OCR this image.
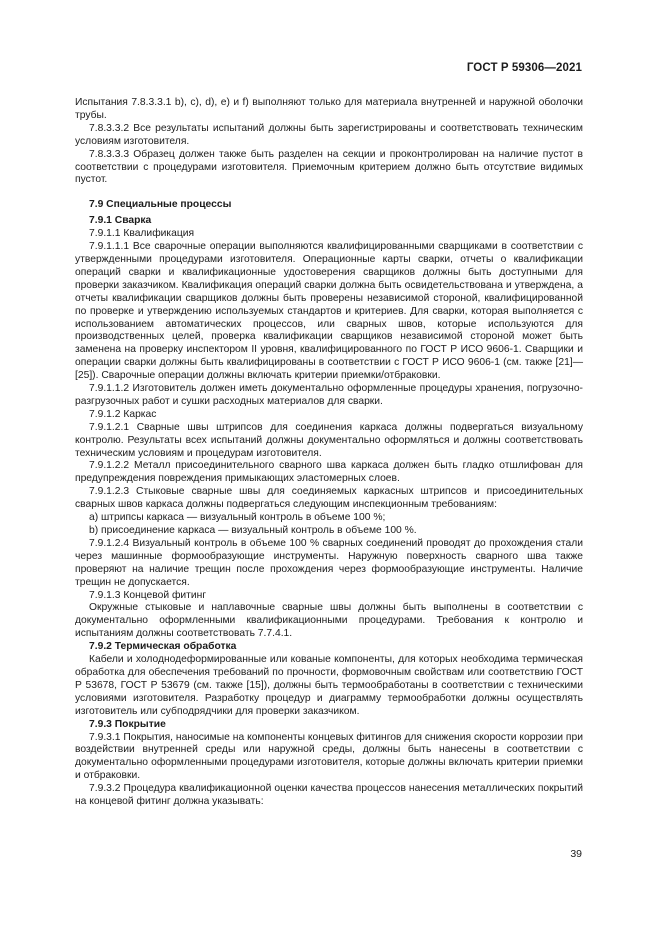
ГОСТ Р 59306—2021

Испытания 7.8.3.3.1 b), c), d), e) и f) выполняют только для материала внутренней и наружной оболочки трубы.

7.8.3.3.2 Все результаты испытаний должны быть зарегистрированы и соответствовать техническим условиям изготовителя.

7.8.3.3.3 Образец должен также быть разделен на секции и проконтролирован на наличие пустот в соответствии с процедурами изготовителя. Приемочным критерием должно быть отсутствие видимых пустот.

7.9 Специальные процессы

7.9.1 Сварка

7.9.1.1 Квалификация

7.9.1.1.1 Все сварочные операции выполняются квалифицированными сварщиками в соответствии с утвержденными процедурами изготовителя. Операционные карты сварки, отчеты о квалификации операций сварки и квалификационные удостоверения сварщиков должны быть доступными для проверки заказчиком. Квалификация операций сварки должна быть освидетельствована и утверждена, а отчеты квалификации сварщиков должны быть проверены независимой стороной, квалифицированной по проверке и утверждению используемых стандартов и критериев. Для сварки, которая выполняется с использованием автоматических процессов, или сварных швов, которые используются для производственных целей, проверка квалификации сварщиков независимой стороной может быть заменена на проверку инспектором II уровня, квалифицированного по ГОСТ Р ИСО 9606-1. Сварщики и операции сварки должны быть квалифицированы в соответствии с ГОСТ Р ИСО 9606-1 (см. также [21]—[25]). Сварочные операции должны включать критерии приемки/отбраковки.

7.9.1.1.2 Изготовитель должен иметь документально оформленные процедуры хранения, погрузочно-разгрузочных работ и сушки расходных материалов для сварки.

7.9.1.2 Каркас

7.9.1.2.1 Сварные швы штрипсов для соединения каркаса должны подвергаться визуальному контролю. Результаты всех испытаний должны документально оформляться и должны соответствовать техническим условиям и процедурам изготовителя.

7.9.1.2.2 Металл присоединительного сварного шва каркаса должен быть гладко отшлифован для предупреждения повреждения примыкающих эластомерных слоев.

7.9.1.2.3 Стыковые сварные швы для соединяемых каркасных штрипсов и присоединительных сварных швов каркаса должны подвергаться следующим инспекционным требованиям:

a) штрипсы каркаса — визуальный контроль в объеме 100 %;

b) присоединение каркаса — визуальный контроль в объеме 100 %.

7.9.1.2.4 Визуальный контроль в объеме 100 % сварных соединений проводят до прохождения стали через машинные формообразующие инструменты. Наружную поверхность сварного шва также проверяют на наличие трещин после прохождения через формообразующие инструменты. Наличие трещин не допускается.

7.9.1.3 Концевой фитинг

Окружные стыковые и наплавочные сварные швы должны быть выполнены в соответствии с документально оформленными квалификационными процедурами. Требования к контролю и испытаниям должны соответствовать 7.7.4.1.

7.9.2 Термическая обработка

Кабели и холоднодеформированные или кованые компоненты, для которых необходима термическая обработка для обеспечения требований по прочности, формовочным свойствам или соответствию ГОСТ Р 53678, ГОСТ Р 53679 (см. также [15]), должны быть термообработаны в соответствии с техническими условиями изготовителя. Разработку процедур и диаграмму термообработки должны осуществлять изготовитель или субподрядчики для проверки заказчиком.

7.9.3 Покрытие

7.9.3.1 Покрытия, наносимые на компоненты концевых фитингов для снижения скорости коррозии при воздействии внутренней среды или наружной среды, должны быть нанесены в соответствии с документально оформленными процедурами изготовителя, которые должны включать критерии приемки и отбраковки.

7.9.3.2 Процедура квалификационной оценки качества процессов нанесения металлических покрытий на концевой фитинг должна указывать:

39
